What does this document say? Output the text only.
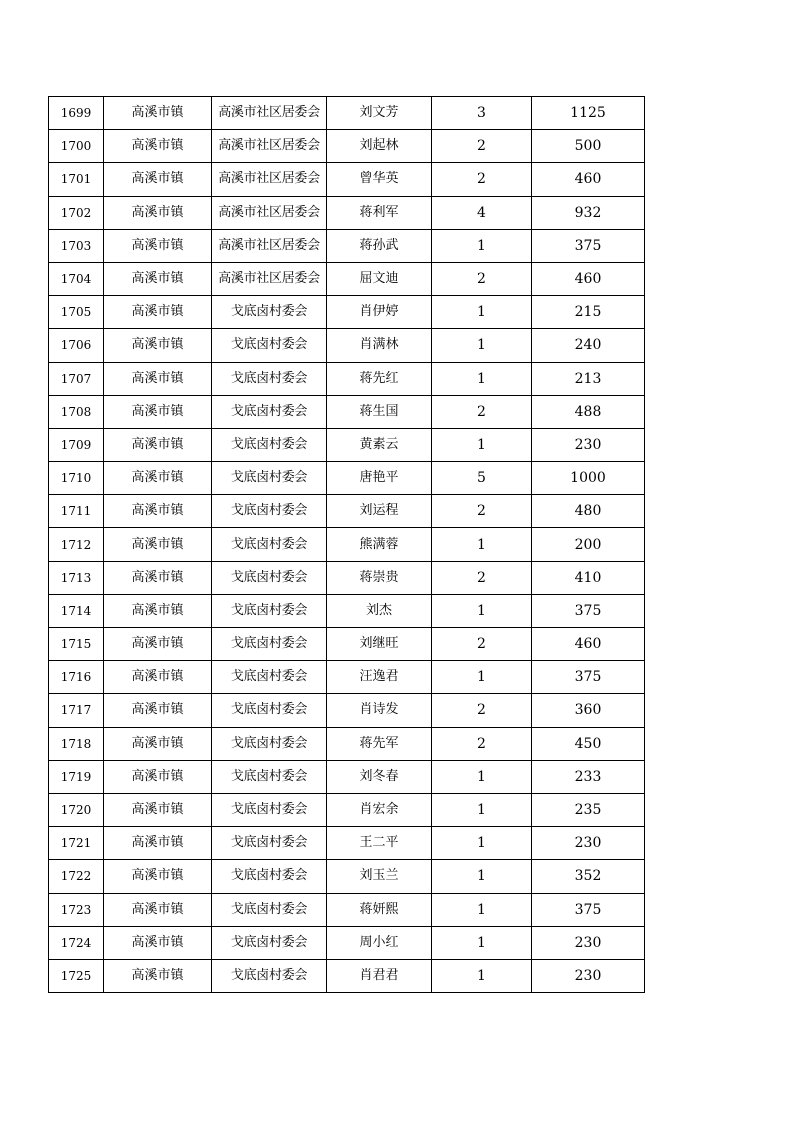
1699	高溪市镇	高溪市社区居委会	刘文芳	3	1125
1700	高溪市镇	高溪市社区居委会	刘起林	2	500
1701	高溪市镇	高溪市社区居委会	曾华英	2	460
1702	高溪市镇	高溪市社区居委会	蒋利军	4	932
1703	高溪市镇	高溪市社区居委会	蒋孙武	1	375
1704	高溪市镇	高溪市社区居委会	屈文迪	2	460
1705	高溪市镇	戈底卤村委会	肖伊婷	1	215
1706	高溪市镇	戈底卤村委会	肖满林	1	240
1707	高溪市镇	戈底卤村委会	蒋先红	1	213
1708	高溪市镇	戈底卤村委会	蒋生国	2	488
1709	高溪市镇	戈底卤村委会	黄素云	1	230
1710	高溪市镇	戈底卤村委会	唐艳平	5	1000
1711	高溪市镇	戈底卤村委会	刘运程	2	480
1712	高溪市镇	戈底卤村委会	熊满蓉	1	200
1713	高溪市镇	戈底卤村委会	蒋崇贵	2	410
1714	高溪市镇	戈底卤村委会	刘杰	1	375
1715	高溪市镇	戈底卤村委会	刘继旺	2	460
1716	高溪市镇	戈底卤村委会	汪逸君	1	375
1717	高溪市镇	戈底卤村委会	肖诗发	2	360
1718	高溪市镇	戈底卤村委会	蒋先军	2	450
1719	高溪市镇	戈底卤村委会	刘冬春	1	233
1720	高溪市镇	戈底卤村委会	肖宏余	1	235
1721	高溪市镇	戈底卤村委会	王二平	1	230
1722	高溪市镇	戈底卤村委会	刘玉兰	1	352
1723	高溪市镇	戈底卤村委会	蒋妍熙	1	375
1724	高溪市镇	戈底卤村委会	周小红	1	230
1725	高溪市镇	戈底卤村委会	肖君君	1	230
